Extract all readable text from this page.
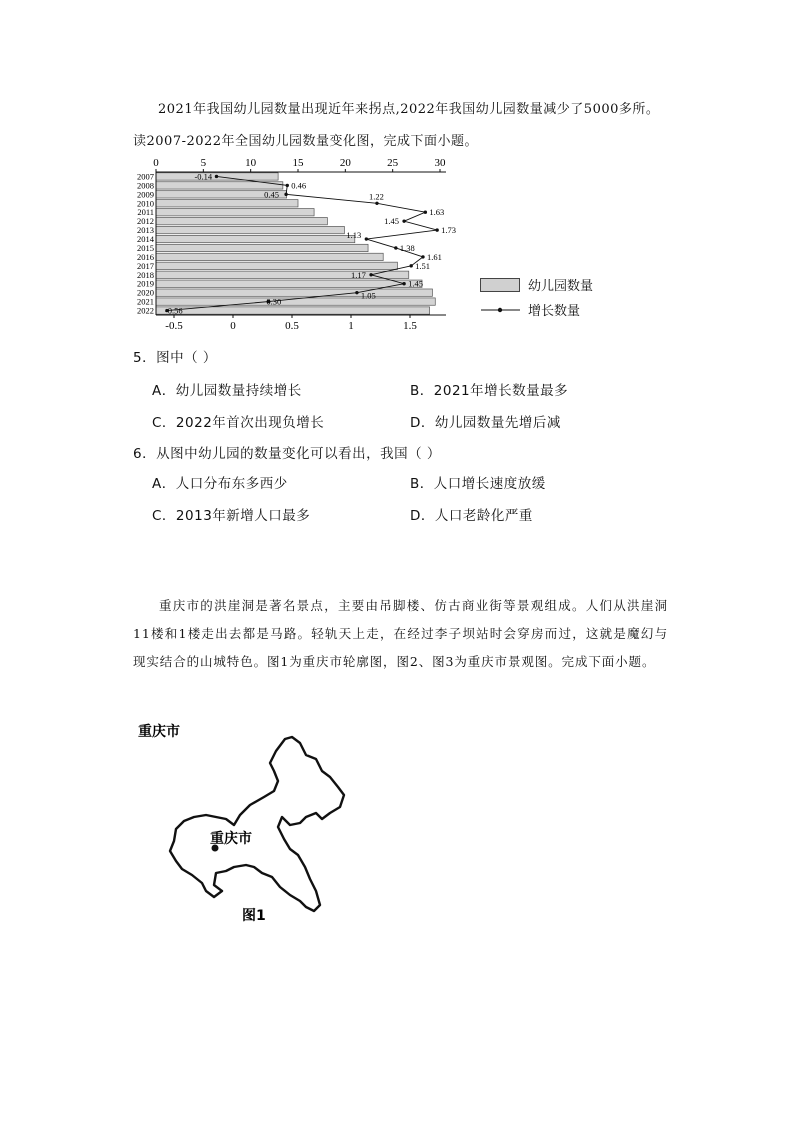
2021年我国幼儿园数量出现近年来拐点,2022年我国幼儿园数量减少了5000多所。
读2007-2022年全国幼儿园数量变化图，完成下面小题。
0	5	10	15	20	25	30
2007
2008
2009
2010
2011
2012
2013
2014
2015
2016
2017
2018
2019
2020
2021
2022
-0.14
0.46
0.45	1.22
1.63
1.45
1.73
1.13
1.38
1.61
1.51
1.17
1.45
1.05
0.30
-0.56
-0.5	0	0.5	1	1.5
幼儿园数量
增长数量
5．图中（ ）
A．幼儿园数量持续增长	B．2021年增长数量最多
C．2022年首次出现负增长	D．幼儿园数量先增后减
6．从图中幼儿园的数量变化可以看出，我国（ ）
A．人口分布东多西少	B．人口增长速度放缓
C．2013年新增人口最多	D．人口老龄化严重
重庆市的洪崖洞是著名景点，主要由吊脚楼、仿古商业街等景观组成。人们从洪崖洞11楼和1楼走出去都是马路。轻轨天上走，在经过李子坝站时会穿房而过，这就是魔幻与现实结合的山城特色。图1为重庆市轮廓图，图2、图3为重庆市景观图。完成下面小题。
重庆市
重庆市
图1
